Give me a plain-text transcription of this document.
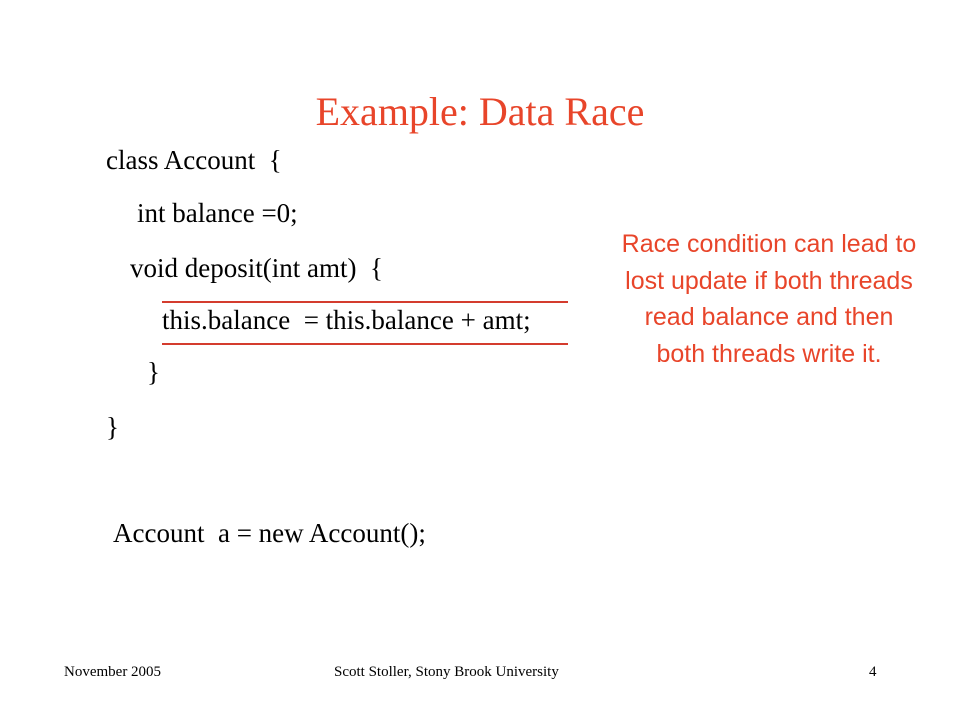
Example: Data Race
class Account  {
int balance =0;
void deposit(int amt)  {
this.balance  = this.balance + amt;
}
}
Account  a = new Account();
Race condition can lead to lost update if both threads read balance and then both threads write it.
November 2005	Scott Stoller, Stony Brook University	4
